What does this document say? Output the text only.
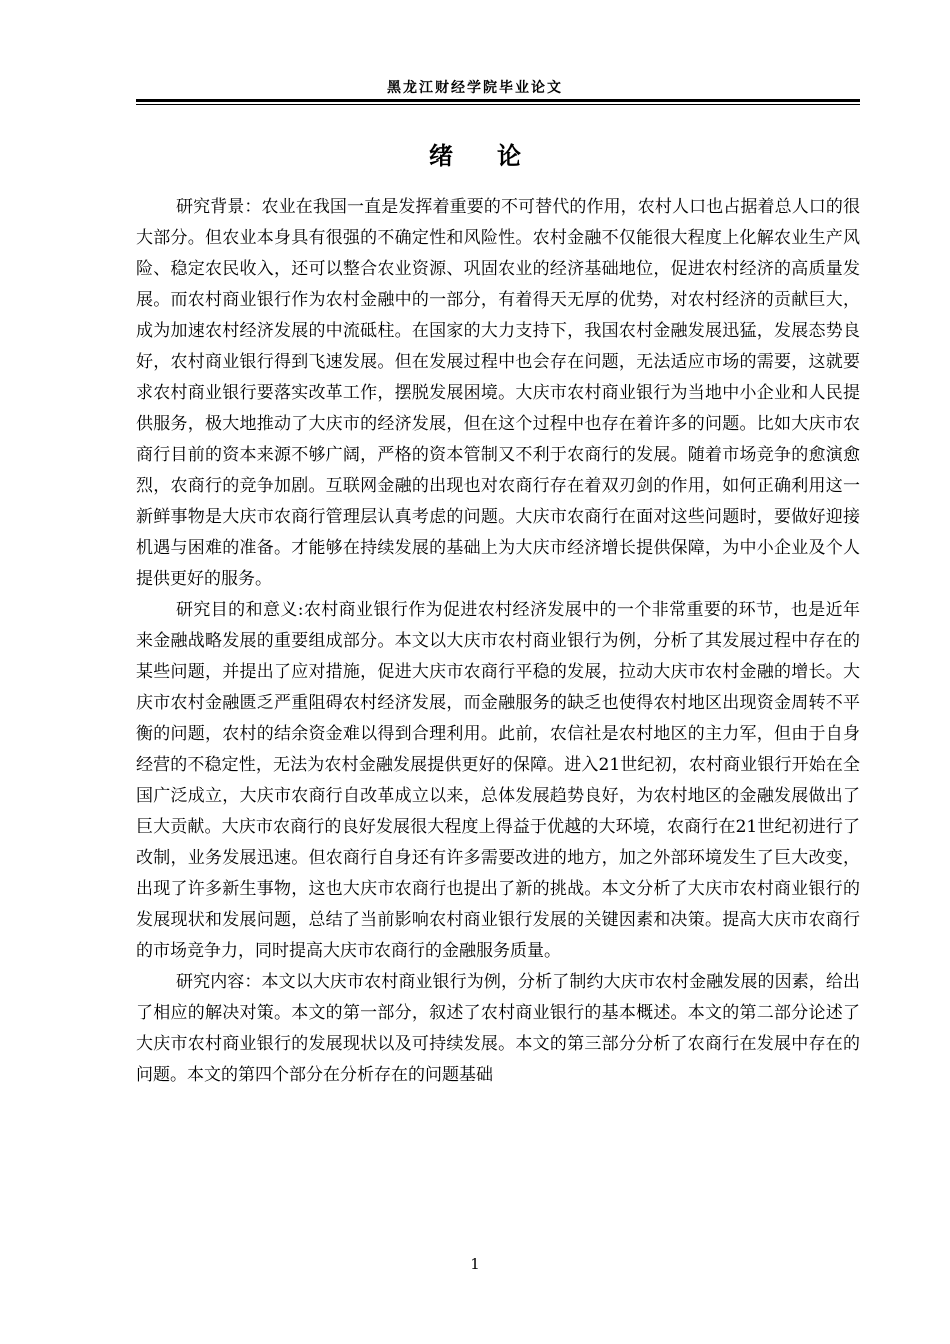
黑龙江财经学院毕业论文
绪论

研究背景：农业在我国一直是发挥着重要的不可替代的作用，农村人口也占据着总人口的很大部分。但农业本身具有很强的不确定性和风险性。农村金融不仅能很大程度上化解农业生产风险、稳定农民收入，还可以整合农业资源、巩固农业的经济基础地位，促进农村经济的高质量发展。而农村商业银行作为农村金融中的一部分，有着得天无厚的优势，对农村经济的贡献巨大，成为加速农村经济发展的中流砥柱。在国家的大力支持下，我国农村金融发展迅猛，发展态势良好，农村商业银行得到飞速发展。但在发展过程中也会存在问题，无法适应市场的需要，这就要求农村商业银行要落实改革工作，摆脱发展困境。大庆市农村商业银行为当地中小企业和人民提供服务，极大地推动了大庆市的经济发展，但在这个过程中也存在着许多的问题。比如大庆市农商行目前的资本来源不够广阔，严格的资本管制又不利于农商行的发展。随着市场竞争的愈演愈烈，农商行的竞争加剧。互联网金融的出现也对农商行存在着双刃剑的作用，如何正确利用这一新鲜事物是大庆市农商行管理层认真考虑的问题。大庆市农商行在面对这些问题时，要做好迎接机遇与困难的准备。才能够在持续发展的基础上为大庆市经济增长提供保障，为中小企业及个人提供更好的服务。

研究目的和意义:农村商业银行作为促进农村经济发展中的一个非常重要的环节，也是近年来金融战略发展的重要组成部分。本文以大庆市农村商业银行为例，分析了其发展过程中存在的某些问题，并提出了应对措施，促进大庆市农商行平稳的发展，拉动大庆市农村金融的增长。大庆市农村金融匮乏严重阻碍农村经济发展，而金融服务的缺乏也使得农村地区出现资金周转不平衡的问题，农村的结余资金难以得到合理利用。此前，农信社是农村地区的主力军，但由于自身经营的不稳定性，无法为农村金融发展提供更好的保障。进入21世纪初，农村商业银行开始在全国广泛成立，大庆市农商行自改革成立以来，总体发展趋势良好，为农村地区的金融发展做出了巨大贡献。大庆市农商行的良好发展很大程度上得益于优越的大环境，农商行在21世纪初进行了改制，业务发展迅速。但农商行自身还有许多需要改进的地方，加之外部环境发生了巨大改变，出现了许多新生事物，这也大庆市农商行也提出了新的挑战。本文分析了大庆市农村商业银行的发展现状和发展问题，总结了当前影响农村商业银行发展的关键因素和决策。提高大庆市农商行的市场竞争力，同时提高大庆市农商行的金融服务质量。

研究内容：本文以大庆市农村商业银行为例，分析了制约大庆市农村金融发展的因素，给出了相应的解决对策。本文的第一部分，叙述了农村商业银行的基本概述。本文的第二部分论述了大庆市农村商业银行的发展现状以及可持续发展。本文的第三部分分析了农商行在发展中存在的问题。本文的第四个部分在分析存在的问题基础

1
